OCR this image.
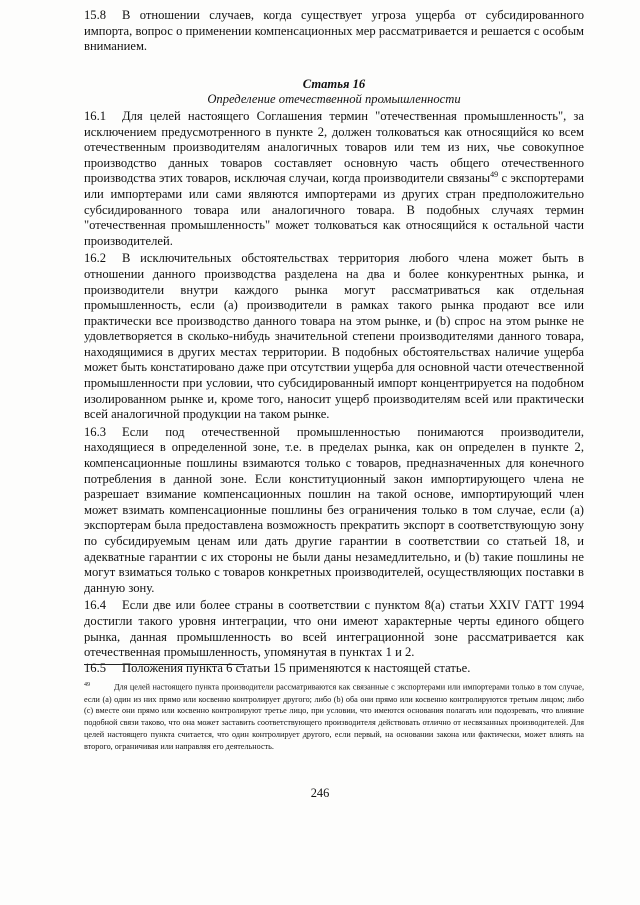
15.8 В отношении случаев, когда существует угроза ущерба от субсидированного импорта, вопрос о применении компенсационных мер рассматривается и решается с особым вниманием.

Статья 16
Определение отечественной промышленности

16.1 Для целей настоящего Соглашения термин "отечественная промышленность", за исключением предусмотренного в пункте 2, должен толковаться как относящийся ко всем отечественным производителям аналогичных товаров или тем из них, чье совокупное производство данных товаров составляет основную часть общего отечественного производства этих товаров, исключая случаи, когда производители связаны$^{49}$ с экспортерами или импортерами или сами являются импортерами из других стран предположительно субсидированного товара или аналогичного товара. В подобных случаях термин "отечественная промышленность" может толковаться как относящийся к остальной части производителей.

16.2 В исключительных обстоятельствах территория любого члена может быть в отношении данного производства разделена на два и более конкурентных рынка, и производители внутри каждого рынка могут рассматриваться как отдельная промышленность, если (a) производители в рамках такого рынка продают все или практически все производство данного товара на этом рынке, и (b) спрос на этом рынке не удовлетворяется в сколько-нибудь значительной степени производителями данного товара, находящимися в других местах территории. В подобных обстоятельствах наличие ущерба может быть констатировано даже при отсутствии ущерба для основной части отечественной промышленности при условии, что субсидированный импорт концентрируется на подобном изолированном рынке и, кроме того, наносит ущерб производителям всей или практически всей аналогичной продукции на таком рынке.

16.3 Если под отечественной промышленностью понимаются производители, находящиеся в определенной зоне, т.е. в пределах рынка, как он определен в пункте 2, компенсационные пошлины взимаются только с товаров, предназначенных для конечного потребления в данной зоне. Если конституционный закон импортирующего члена не разрешает взимание компенсационных пошлин на такой основе, импортирующий член может взимать компенсационные пошлины без ограничения только в том случае, если (a) экспортерам была предоставлена возможность прекратить экспорт в соответствующую зону по субсидируемым ценам или дать другие гарантии в соответствии со статьей 18, и адекватные гарантии с их стороны не были даны незамедлительно, и (b) такие пошлины не могут взиматься только с товаров конкретных производителей, осуществляющих поставки в данную зону.

16.4 Если две или более страны в соответствии с пунктом 8(a) статьи XXIV ГАТТ 1994 достигли такого уровня интеграции, что они имеют характерные черты единого общего рынка, данная промышленность во всей интеграционной зоне рассматривается как отечественная промышленность, упомянутая в пунктах 1 и 2.

16.5 Положения пункта 6 статьи 15 применяются к настоящей статье.

$^{49}$	Для целей настоящего пункта производители рассматриваются как связанные с экспортерами или импортерами только в том случае, если (a) один из них прямо или косвенно контролирует другого; либо (b) оба они прямо или косвенно контролируются третьим лицом; либо (c) вместе они прямо или косвенно контролируют третье лицо, при условии, что имеются основания полагать или подозревать, что влияние подобной связи таково, что она может заставить соответствующего производителя действовать отлично от несвязанных производителей. Для целей настоящего пункта считается, что один контролирует другого, если первый, на основании закона или фактически, может влиять на второго, ограничивая или направляя его деятельность.
246
